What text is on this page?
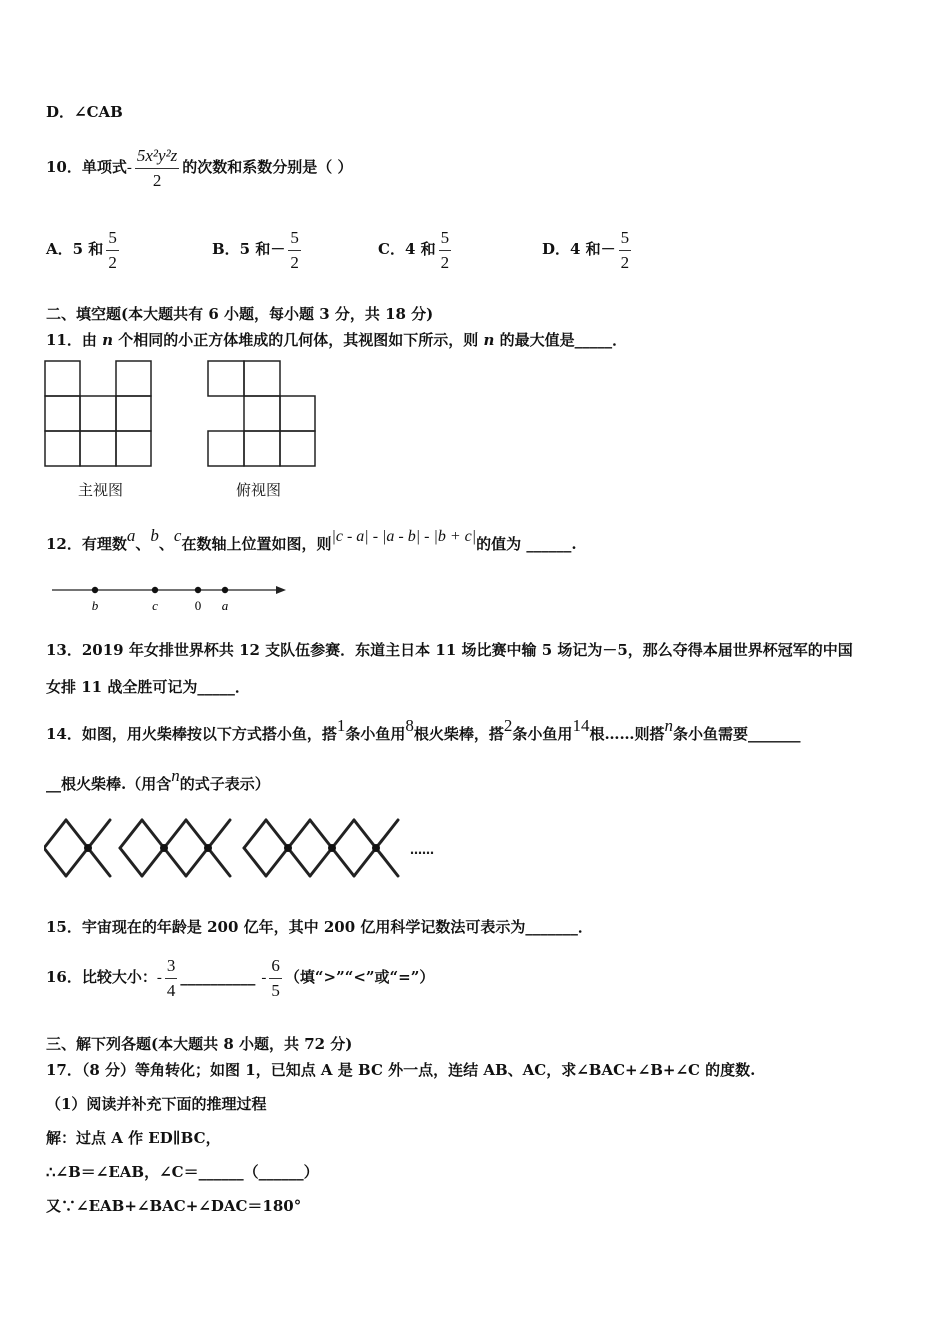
D．∠CAB
10．单项式- $\frac{\text{5x²y²z}}{2}$ 的次数和系数分别是（ ）
A．5 和 $\frac{5}{2}$	B．5 和－ $\frac{5}{2}$	C．4 和 $\frac{5}{2}$	D．4 和－ $\frac{5}{2}$
二、填空题(本大题共有 6 小题，每小题 3 分，共 18 分)
11．由 n 个相同的小正方体堆成的几何体，其视图如下所示，则 n 的最大值是_____．
主视图	俯视图
12．有理数a、b、c在数轴上位置如图，则|c - a| - |a - b| - |b + c|的值为 ______.
b	c	0 a
13．2019 年女排世界杯共 12 支队伍参赛．东道主日本 11 场比赛中输 5 场记为－5，那么夺得本届世界杯冠军的中国
女排 11 战全胜可记为_____．
14．如图，用火柴棒按以下方式搭小鱼，搭1条小鱼用8根火柴棒，搭2条小鱼用14根……则搭n条小鱼需要_______
__根火柴棒.（用含n的式子表示）
……
15．宇宙现在的年龄是 200 亿年，其中 200 亿用科学记数法可表示为_______．
16．比较大小：- $\frac{3}{4}$ __________ - $\frac{6}{5}$ （填“>”“<”或“=”）
三、解下列各题(本大题共 8 小题，共 72 分)
17．（8 分）等角转化；如图 1，已知点 A 是 BC 外一点，连结 AB、AC，求∠BAC+∠B+∠C 的度数.
（1）阅读并补充下面的推理过程
解：过点 A 作 ED∥BC，
∴∠B＝∠EAB，∠C＝______（______）
又∵∠EAB+∠BAC+∠DAC＝180°
